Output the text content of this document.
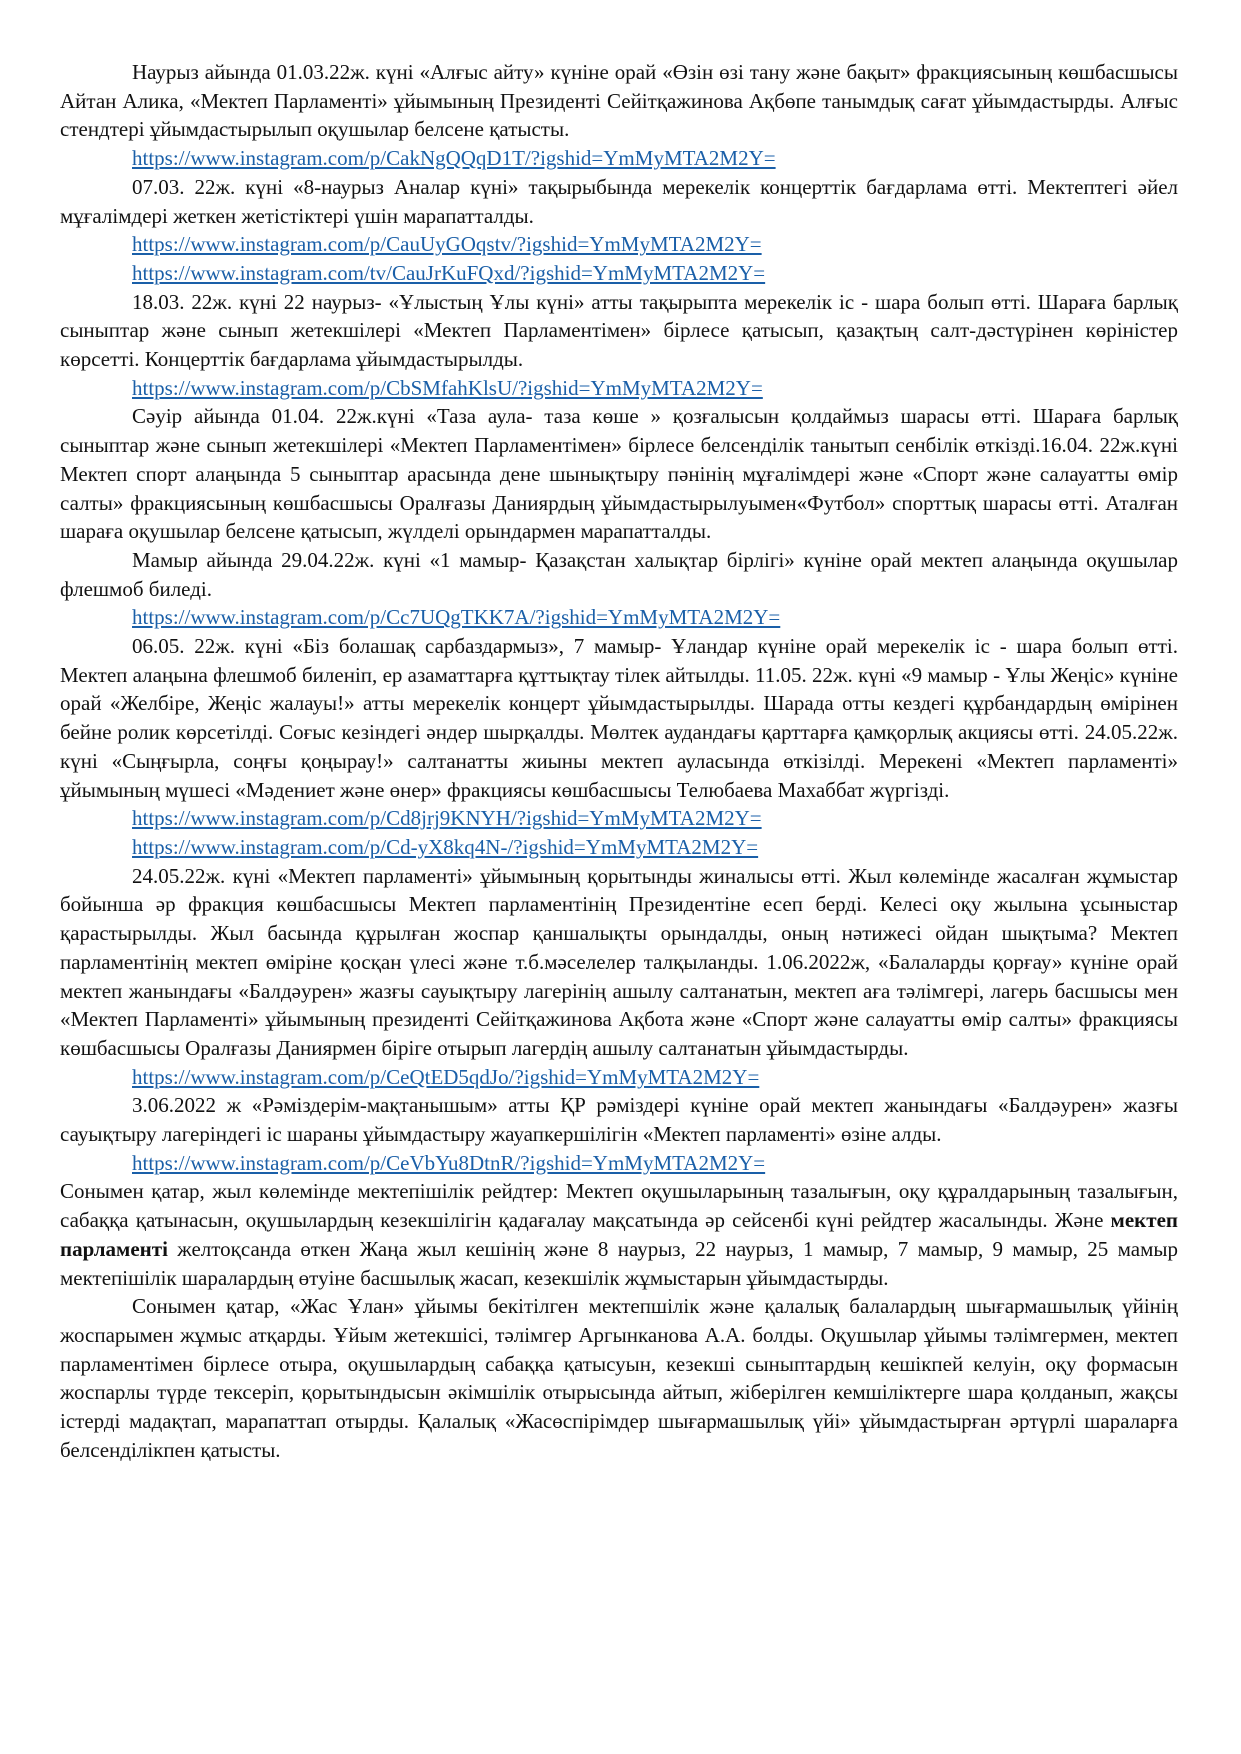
Наурыз айында 01.03.22ж. күні «Алғыс айту» күніне орай «Өзін өзі тану және бақыт» фракциясының көшбасшысы Айтан Алика, «Мектеп Парламенті» ұйымының Президенті Сейітқажинова Ақбөпе танымдық сағат ұйымдастырды. Алғыс стендтері ұйымдастырылып оқушылар белсене қатысты.

https://www.instagram.com/p/CakNgQQqD1T/?igshid=YmMyMTA2M2Y=

07.03. 22ж. күні «8-наурыз Аналар күні» тақырыбында мерекелік концерттік бағдарлама өтті. Мектептегі әйел мұғалімдері жеткен жетістіктері үшін марапатталды.

https://www.instagram.com/p/CauUyGOqstv/?igshid=YmMyMTA2M2Y=
https://www.instagram.com/tv/CauJrKuFQxd/?igshid=YmMyMTA2M2Y=

18.03. 22ж. күні 22 наурыз- «Ұлыстың Ұлы күні» атты тақырыпта мерекелік іс - шара болып өтті. Шараға барлық сыныптар және сынып жетекшілері «Мектеп Парламентімен» бірлесе қатысып, қазақтың салт-дәстүрінен көріністер көрсетті. Концерттік бағдарлама ұйымдастырылды.

https://www.instagram.com/p/CbSMfahKlsU/?igshid=YmMyMTA2M2Y=

Сәуір айында 01.04. 22ж.күні «Таза аула- таза көше » қозғалысын қолдаймыз шарасы өтті. Шараға барлық сыныптар және сынып жетекшілері «Мектеп Парламентімен» бірлесе белсенділік танытып сенбілік өткізді.16.04. 22ж.күні Мектеп спорт алаңында 5 сыныптар арасында дене шынықтыру пәнінің мұғалімдері және «Спорт және салауатты өмір салты» фракциясының көшбасшысы Оралғазы Даниярдың ұйымдастырылуымен«Футбол» спорттық шарасы өтті. Аталған шараға оқушылар белсене қатысып, жүлделі орындармен марапатталды.

Мамыр айында 29.04.22ж. күні «1 мамыр- Қазақстан халықтар бірлігі» күніне орай мектеп алаңында оқушылар флешмоб биледі.

https://www.instagram.com/p/Cc7UQgTKK7A/?igshid=YmMyMTA2M2Y=

06.05. 22ж. күні «Біз болашақ сарбаздармыз», 7 мамыр- Ұландар күніне орай мерекелік іс - шара болып өтті. Мектеп алаңына флешмоб биленіп, ер азаматтарға құттықтау тілек айтылды. 11.05. 22ж. күні «9 мамыр - Ұлы Жеңіс» күніне орай «Желбіре, Жеңіс жалауы!» атты мерекелік концерт ұйымдастырылды. Шарада отты кездегі құрбандардың өмірінен бейне ролик көрсетілді. Соғыс кезіндегі әндер шырқалды. Мөлтек аудандағы қарттарға қамқорлық акциясы өтті. 24.05.22ж. күні «Сыңғырла, соңғы қоңырау!» салтанатты жиыны мектеп ауласында өткізілді. Мерекені «Мектеп парламенті» ұйымының мүшесі «Мәдениет және өнер» фракциясы көшбасшысы Телюбаева Махаббат жүргізді.

https://www.instagram.com/p/Cd8jrj9KNYH/?igshid=YmMyMTA2M2Y=
https://www.instagram.com/p/Cd-yX8kq4N-/?igshid=YmMyMTA2M2Y=

24.05.22ж. күні «Мектеп парламенті» ұйымының қорытынды жиналысы өтті. Жыл көлемінде жасалған жұмыстар бойынша әр фракция көшбасшысы Мектеп парламентінің Президентіне есеп берді. Келесі оқу жылына ұсыныстар қарастырылды. Жыл басында құрылған жоспар қаншалықты орындалды, оның нәтижесі ойдан шықтыма? Мектеп парламентінің мектеп өміріне қосқан үлесі және т.б.мәселелер талқыланды. 1.06.2022ж, «Балаларды қорғау» күніне орай мектеп жанындағы «Балдәурен» жазғы сауықтыру лагерінің ашылу салтанатын, мектеп аға тәлімгері, лагерь басшысы мен «Мектеп Парламенті» ұйымының президенті Сейітқажинова Ақбота және «Спорт және салауатты өмір салты» фракциясы көшбасшысы Оралғазы Даниярмен біріге отырып лагердің ашылу салтанатын ұйымдастырды.

https://www.instagram.com/p/CeQtED5qdJo/?igshid=YmMyMTA2M2Y=

3.06.2022 ж «Рәміздерім-мақтанышым» атты ҚР рәміздері күніне орай мектеп жанындағы «Балдәурен» жазғы сауықтыру лагеріндегі іс шараны ұйымдастыру жауапкершілігін «Мектеп парламенті» өзіне алды.

https://www.instagram.com/p/CeVbYu8DtnR/?igshid=YmMyMTA2M2Y=

Сонымен қатар, жыл көлемінде мектепішілік рейдтер: Мектеп оқушыларының тазалығын, оқу құралдарының тазалығын, сабаққа қатынасын, оқушылардың кезекшілігін қадағалау мақсатында әр сейсенбі күні рейдтер жасалынды. Және мектеп парламенті желтоқсанда өткен Жаңа жыл кешінің және 8 наурыз, 22 наурыз, 1 мамыр, 7 мамыр, 9 мамыр, 25 мамыр мектепішілік шаралардың өтуіне басшылық жасап, кезекшілік жұмыстарын ұйымдастырды.

Сонымен қатар, «Жас Ұлан» ұйымы бекітілген мектепшілік және қалалық балалардың шығармашылық үйінің жоспарымен жұмыс атқарды. Ұйым жетекшісі, тәлімгер Аргынканова А.А. болды. Оқушылар ұйымы тәлімгермен, мектеп парламентімен бірлесе отыра, оқушылардың сабаққа қатысуын, кезекші сыныптардың кешікпей келуін, оқу формасын жоспарлы түрде тексеріп, қорытындысын әкімшілік отырысында айтып, жіберілген кемшіліктерге шара қолданып, жақсы істерді мадақтап, марапаттап отырды. Қалалық «Жасөспірімдер шығармашылық үйі» ұйымдастырған әртүрлі шараларға белсенділікпен қатысты.
